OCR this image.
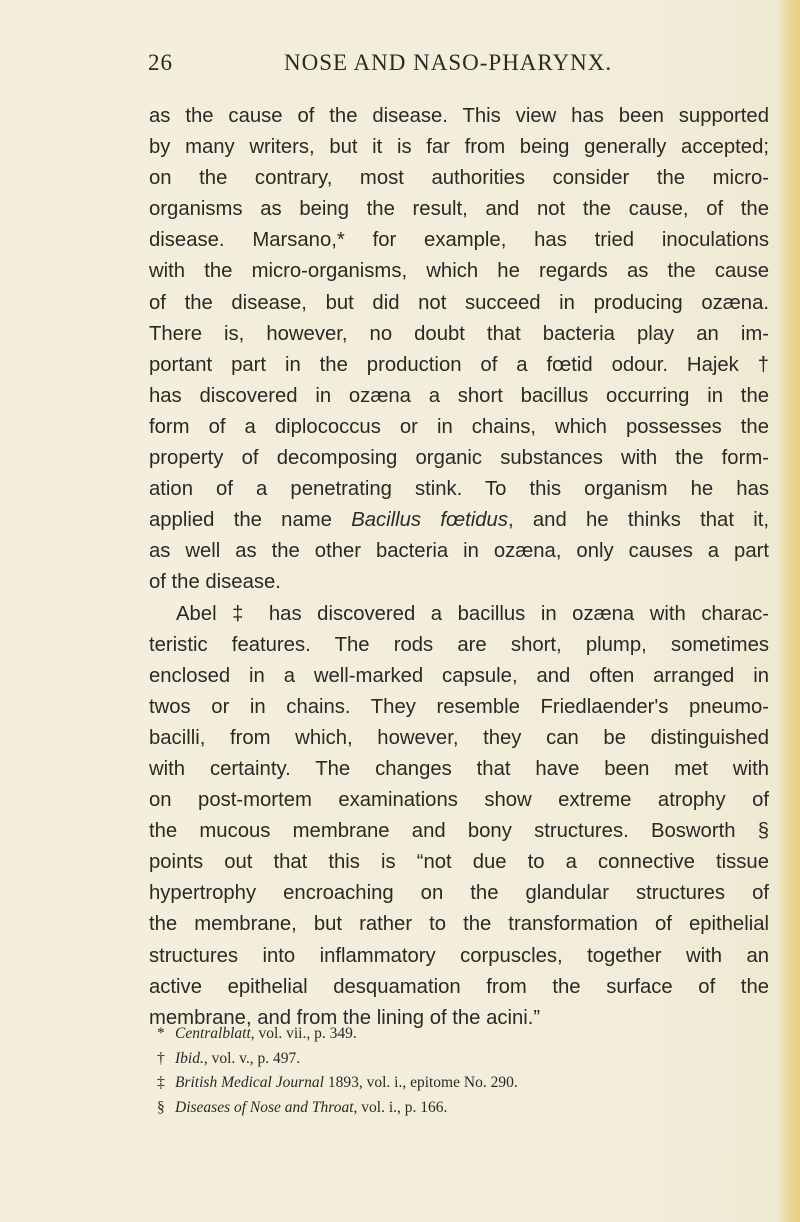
26	NOSE AND NASO-PHARYNX.
as the cause of the disease. This view has been supported
by many writers, but it is far from being generally accepted;
on the contrary, most authorities consider the micro-
organisms as being the result, and not the cause, of the
disease. Marsano,* for example, has tried inoculations
with the micro-organisms, which he regards as the cause
of the disease, but did not succeed in producing ozæna.
There is, however, no doubt that bacteria play an im-
portant part in the production of a fœtid odour. Hajek †
has discovered in ozæna a short bacillus occurring in the
form of a diplococcus or in chains, which possesses the
property of decomposing organic substances with the form-
ation of a penetrating stink. To this organism he has
applied the name Bacillus fœtidus, and he thinks that it,
as well as the other bacteria in ozæna, only causes a part
of the disease.
Abel ‡ has discovered a bacillus in ozæna with charac-
teristic features. The rods are short, plump, sometimes
enclosed in a well-marked capsule, and often arranged in
twos or in chains. They resemble Friedlaender's pneumo-
bacilli, from which, however, they can be distinguished
with certainty. The changes that have been met with
on post-mortem examinations show extreme atrophy of
the mucous membrane and bony structures. Bosworth §
points out that this is “not due to a connective tissue
hypertrophy encroaching on the glandular structures of
the membrane, but rather to the transformation of epithelial
structures into inflammatory corpuscles, together with an
active epithelial desquamation from the surface of the
membrane, and from the lining of the acini.”
* Centralblatt, vol. vii., p. 349.
† Ibid., vol. v., p. 497.
‡ British Medical Journal 1893, vol. i., epitome No. 290.
§ Diseases of Nose and Throat, vol. i., p. 166.
